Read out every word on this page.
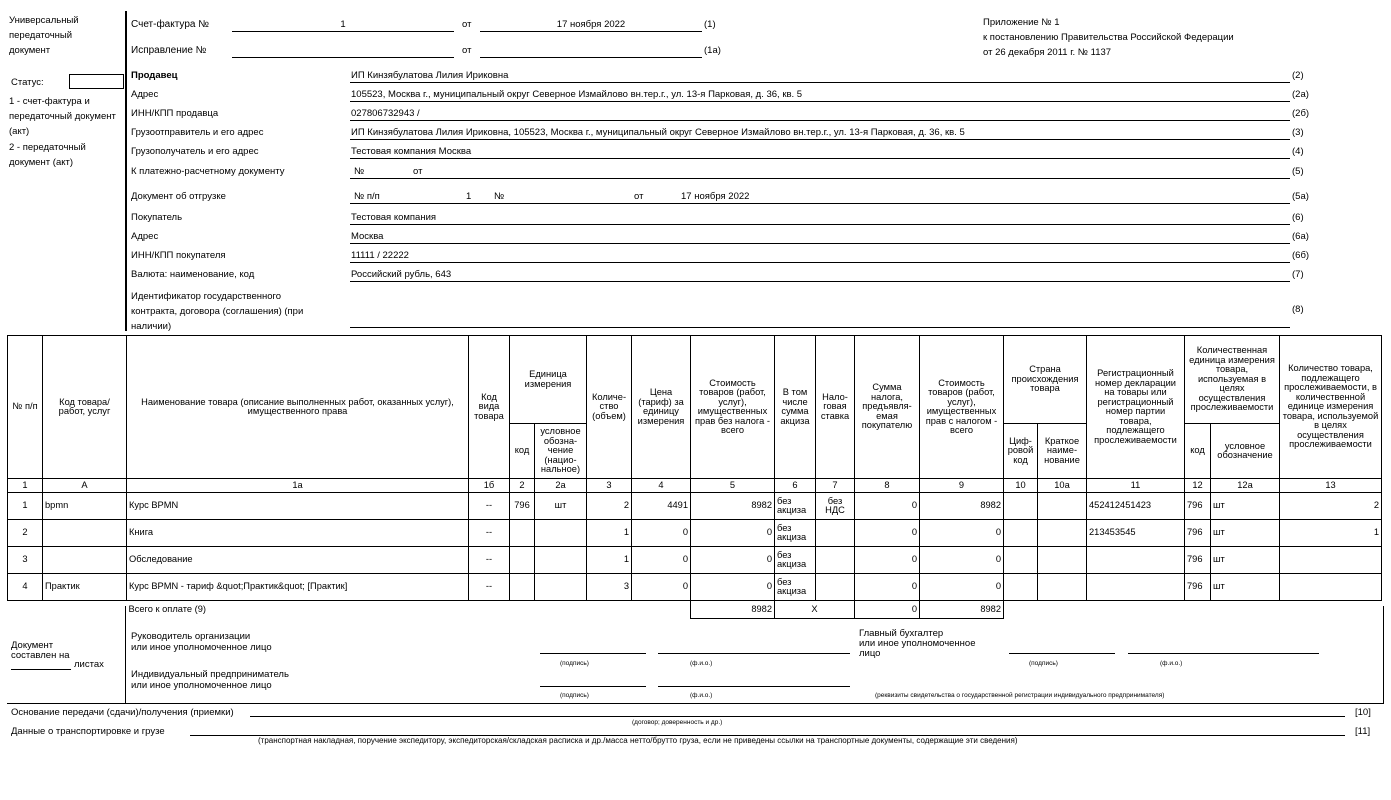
Универсальный передаточный документ
Статус:
1 - счет-фактура и передаточный документ (акт)
2 - передаточный документ (акт)
Счет-фактура №	1	от	17 ноября 2022	(1)
Исправление №	от	(1а)
Приложение № 1
к постановлению Правительства Российской Федерации
от 26 декабря 2011 г. № 1137
Продавец	ИП Кинзябулатова Лилия Ириковна	(2)
Адрес	105523, Москва г., муниципальный округ Северное Измайлово вн.тер.г., ул. 13-я Парковая, д. 36, кв. 5	(2а)
ИНН/КПП продавца	027806732943 /	(2б)
Грузоотправитель и его адрес	ИП Кинзябулатова Лилия Ириковна, 105523, Москва г., муниципальный округ Северное Измайлово вн.тер.г., ул. 13-я Парковая, д. 36, кв. 5	(3)
Грузополучатель и его адрес	Тестовая компания Москва	(4)
К платежно-расчетному документу	(5)
Документ об отгрузке	(5а)
Покупатель	Тестовая компания	(6)
Адрес	Москва	(6а)
ИНН/КПП покупателя	11111 / 22222	(6б)
Валюта: наименование, код	Российский рубль, 643	(7)
Идентификатор государственного контракта, договора (соглашения) (при наличии)
(8)
№	от
№ п/п	1 №	от	17 ноября 2022
№ п/п	Код товара/ работ, услуг	Наименование товара (описание выполненных работ, оказанных услуг), имущественного права	Код вида товара	Единица измерения		Количе-ство (объем)	Цена (тариф) за единицу измерения	Стоимость товаров (работ, услуг), имущественных прав без налога - всего	В том числе сумма акциза	Нало-говая ставка	Сумма налога, предъявля-емая покупателю	Стоимость товаров (работ, услуг), имущественных прав с налогом - всего	Страна происхождения товара		Регистрационный номер декларации на товары или регистрационный номер партии товара, подлежащего прослеживаемости	Количественная единица измерения товара, используемая в целях осуществления прослеживаемости		Количество товара, подлежащего прослеживаемости, в количественной единице измерения товара, используемой в целях осуществления прослеживаемости
				код	условное обозна-чение (нацио-нальное)								Циф-ровой код	Краткое наиме-нование		код	условное обозначение	
1	А	1а	1б	2	2а	3	4	5	6	7	8	9	10	10а	11	12	12а	13
1	bpmn	Курс BPMN	--	796	шт	2	4491	8982	без акциза	без НДС	0	8982			452412451423	796	шт	2
2		Книга	--			1	0	0	без акциза		0	0			213453545	796	шт	1
3		Обследование	--			1	0	0	без акциза		0	0				796	шт	
4	Практик	Курс BPMN - тариф &quot;Практик&quot; [Практик]	--			3	0	0	без акциза		0	0				796	шт	
		Всего к оплате (9)						8982	X		0	8982						
Документ
составлен на
листах
Руководитель организации
или иное уполномоченное лицо
(подпись)	(ф.и.о.)
Главный бухгалтер
или иное уполномоченное
лицо
(подпись)	(ф.и.о.)
Индивидуальный предприниматель
или иное уполномоченное лицо
(подпись)	(ф.и.о.)	(реквизиты свидетельства о государственной регистрации индивидуального предпринимателя)
Основание передачи (сдачи)/получения (приемки)	[10]
(договор; доверенность и др.)
Данные о транспортировке и грузе	[11]
(транспортная накладная, поручение экспедитору, экспедиторская/складская расписка и др./масса нетто/брутто груза, если не приведены ссылки на транспортные документы, содержащие эти сведения)
